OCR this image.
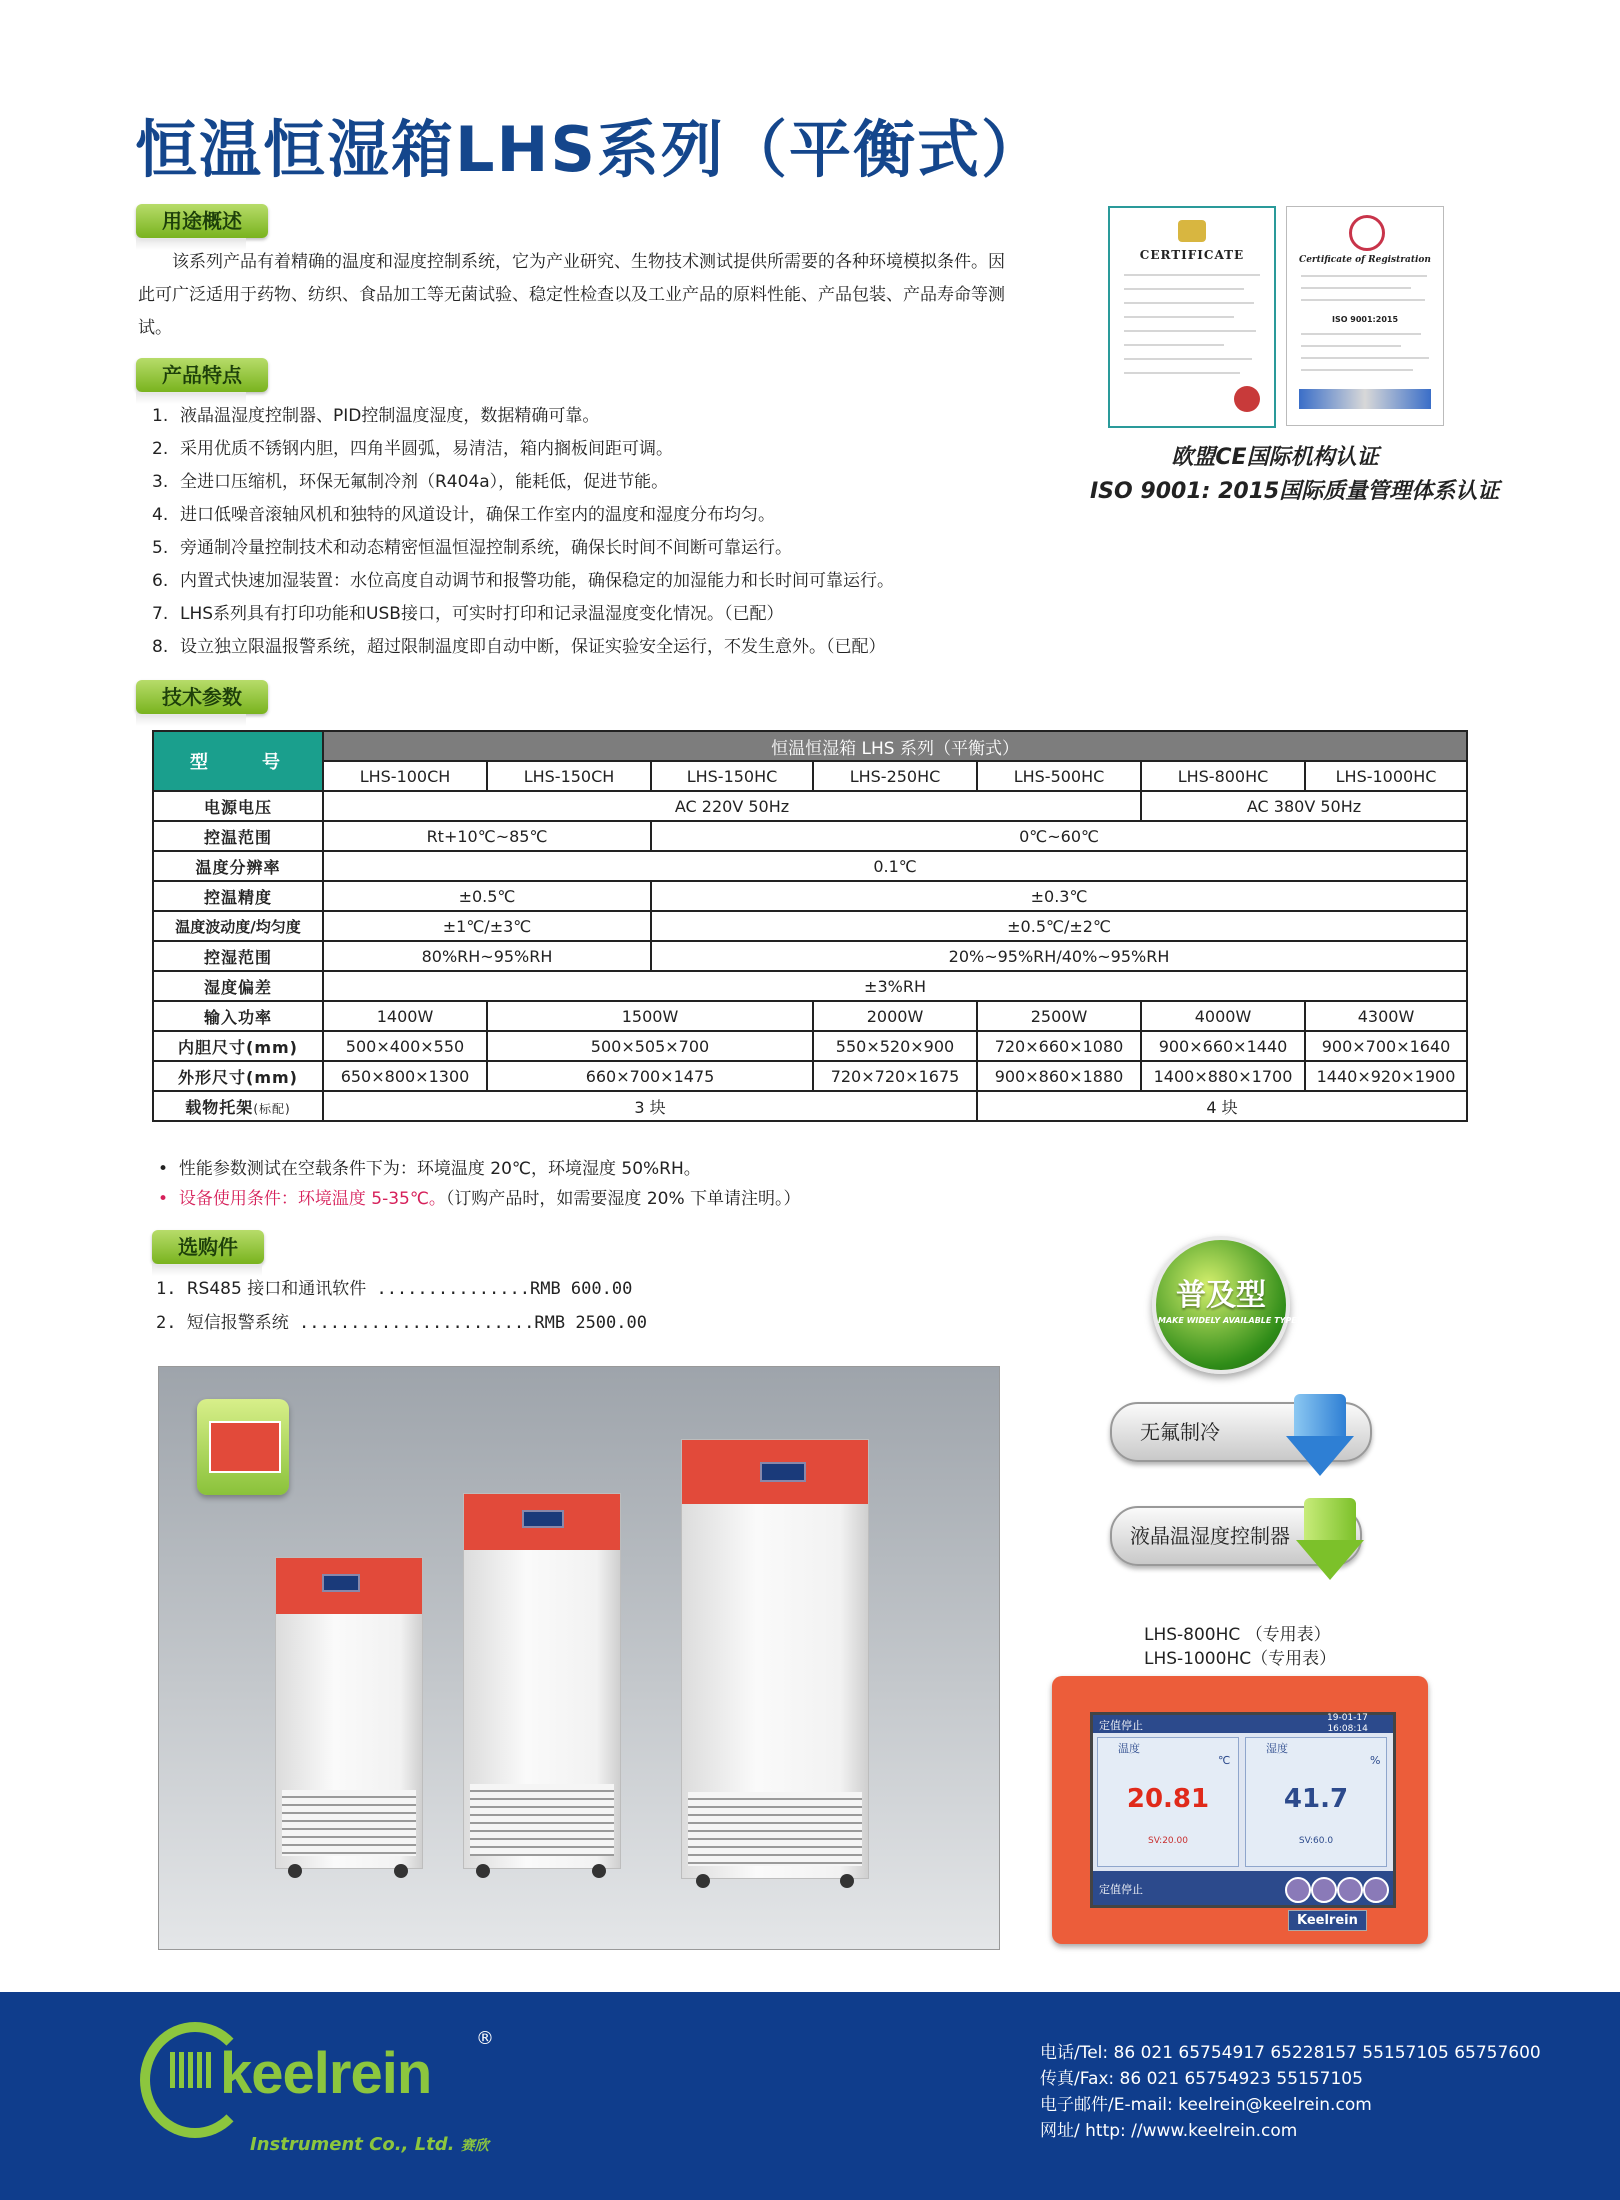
恒温恒湿箱LHS系列（平衡式）
用途概述
该系列产品有着精确的温度和湿度控制系统，它为产业研究、生物技术测试提供所需要的各种环境模拟条件。因此可广泛适用于药物、纺织、食品加工等无菌试验、稳定性检查以及工业产品的原料性能、产品包装、产品寿命等测试。
产品特点
1. 液晶温湿度控制器、PID控制温度湿度，数据精确可靠。
2. 采用优质不锈钢内胆，四角半圆弧，易清洁，箱内搁板间距可调。
3. 全进口压缩机，环保无氟制冷剂（R404a），能耗低，促进节能。
4. 进口低噪音滚轴风机和独特的风道设计，确保工作室内的温度和湿度分布均匀。
5. 旁通制冷量控制技术和动态精密恒温恒湿控制系统，确保长时间不间断可靠运行。
6. 内置式快速加湿装置：水位高度自动调节和报警功能，确保稳定的加湿能力和长时间可靠运行。
7. LHS系列具有打印功能和USB接口，可实时打印和记录温湿度变化情况。（已配）
8. 设立独立限温报警系统，超过限制温度即自动中断，保证实验安全运行，不发生意外。（已配）
CERTIFICATE	Certificate of Registration
ISO 9001:2015
欧盟CE国际机构认证
ISO 9001: 2015国际质量管理体系认证
技术参数
型　　号	恒温恒湿箱 LHS 系列（平衡式）						
	LHS-100CH	LHS-150CH	LHS-150HC	LHS-250HC	LHS-500HC	LHS-800HC	LHS-1000HC
电源电压	AC 220V 50Hz					AC 380V 50Hz	
控温范围	Rt+10℃~85℃		0℃~60℃				
温度分辨率	0.1℃						
控温精度	±0.5℃		±0.3℃				
温度波动度/均匀度	±1℃/±3℃		±0.5℃/±2℃				
控湿范围	80%RH~95%RH		20%~95%RH/40%~95%RH				
湿度偏差	±3%RH						
输入功率	1400W	1500W		2000W	2500W	4000W	4300W
内胆尺寸(mm)	500×400×550	500×505×700		550×520×900	720×660×1080	900×660×1440	900×700×1640
外形尺寸(mm)	650×800×1300	660×700×1475		720×720×1675	900×860×1880	1400×880×1700	1440×920×1900
载物托架(标配)	3 块				4 块		
•  性能参数测试在空载条件下为：环境温度 20℃，环境湿度 50%RH。
•  设备使用条件：环境温度 5-35℃。（订购产品时，如需要湿度 20% 下单请注明。）
选购件
1. RS485 接口和通讯软件 ...............RMB 600.00
2. 短信报警系统 .......................RMB 2500.00
普及型
MAKE WIDELY AVAILABLE TYPE
无氟制冷
液晶温湿度控制器
LHS-800HC （专用表）
LHS-1000HC（专用表）
定值停止
19-01-17
16:08:14
温度
℃
20.81
SV:20.00
湿度
%
41.7
SV:60.0
定值停止
Keelrein
keelrein
®
Instrument Co., Ltd. 赛欣
电话/Tel: 86 021 65754917 65228157 55157105 65757600
传真/Fax: 86 021 65754923 55157105
电子邮件/E-mail: keelrein@keelrein.com
网址/ http: //www.keelrein.com
